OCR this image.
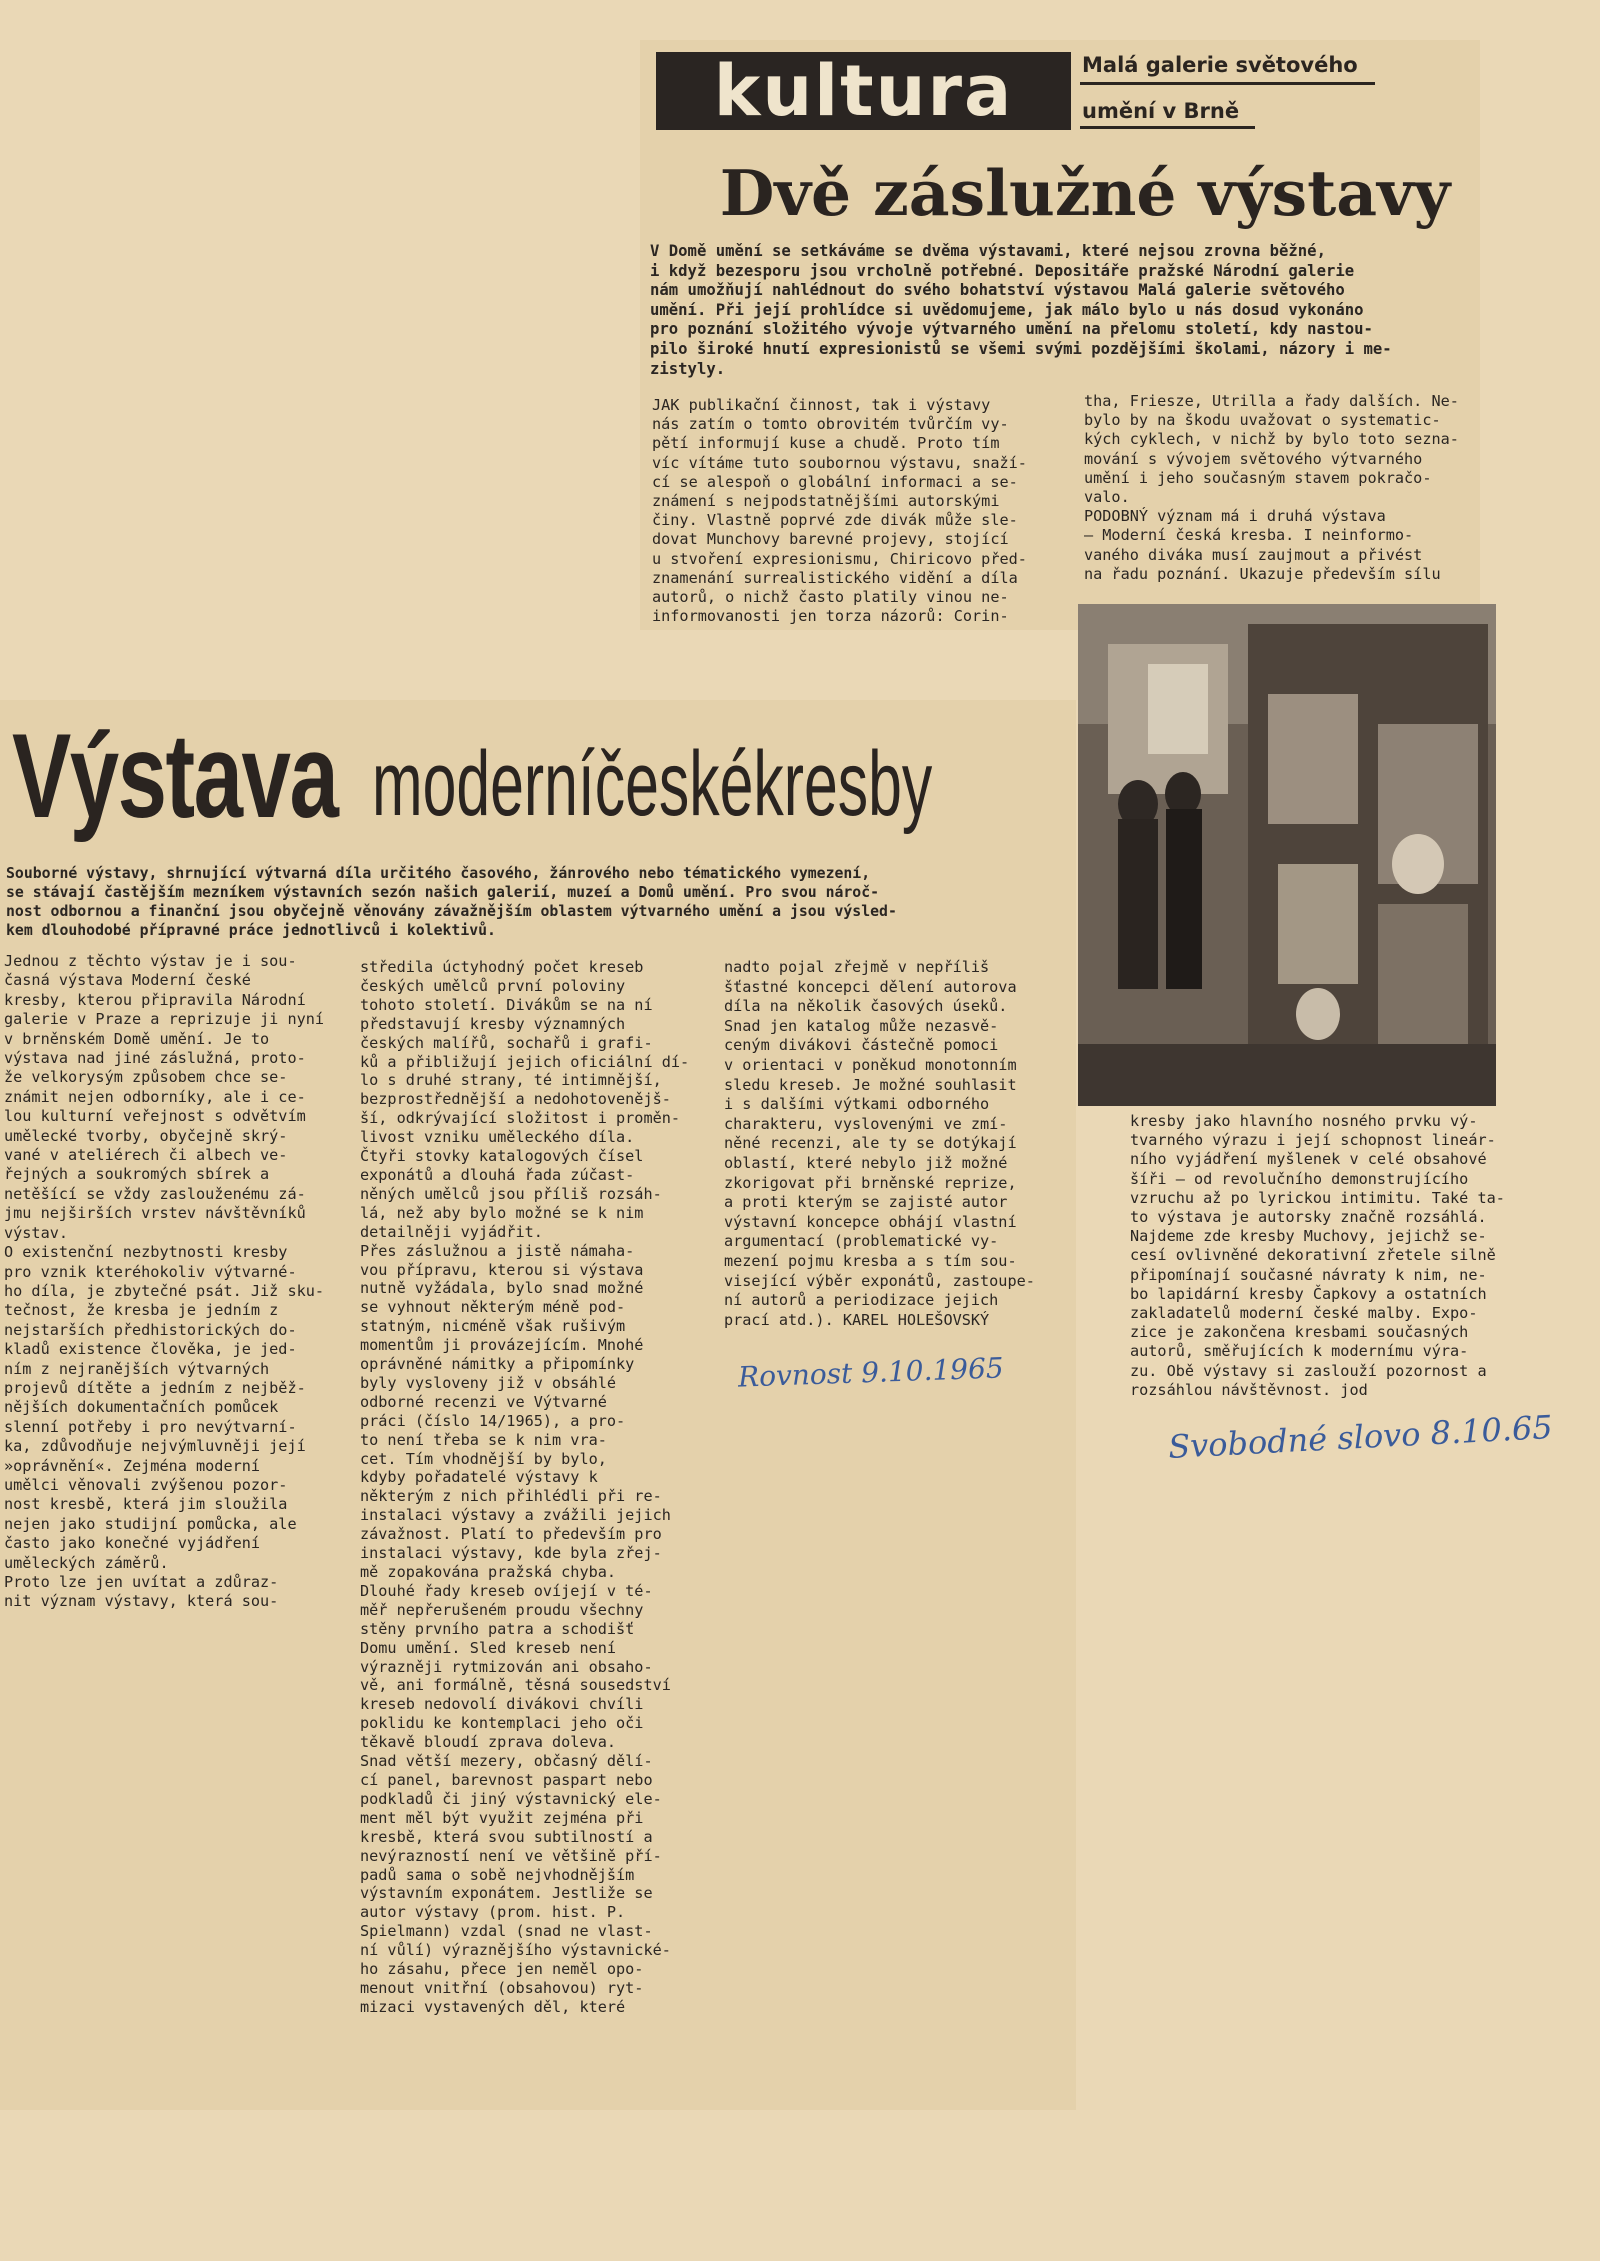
kultura	Malá galerie světového
umění v Brně
Dvě záslužné výstavy
V Domě umění se setkáváme se dvěma výstavami, které nejsou zrovna běžné,
i když bezesporu jsou vrcholně potřebné. Depositáře pražské Národní galerie
nám umožňují nahlédnout do svého bohatství výstavou Malá galerie světového
umění. Při její prohlídce si uvědomujeme, jak málo bylo u nás dosud vykonáno
pro poznání složitého vývoje výtvarného umění na přelomu století, kdy nastou-
pilo široké hnutí expresionistů se všemi svými pozdějšími školami, názory i me-
zistyly.
JAK publikační činnost, tak i výstavy
nás zatím o tomto obrovitém tvůrčím vy-
pětí informují kuse a chudě. Proto tím
víc vítáme tuto soubornou výstavu, snaží-
cí se alespoň o globální informaci a se-
známení s nejpodstatnějšími autorskými
činy. Vlastně poprvé zde divák může sle-
dovat Munchovy barevné projevy, stojící
u stvoření expresionismu, Chiricovo před-
znamenání surrealistického vidění a díla
autorů, o nichž často platily vinou ne-
informovanosti jen torza názorů: Corin-
tha, Friesze, Utrilla a řady dalších. Ne-
bylo by na škodu uvažovat o systematic-
kých cyklech, v nichž by bylo toto sezna-
mování s vývojem světového výtvarného
umění i jeho současným stavem pokračo-
valo.
PODOBNÝ význam má i druhá výstava
— Moderní česká kresba. I neinformo-
vaného diváka musí zaujmout a přivést
na řadu poznání. Ukazuje především sílu
kresby jako hlavního nosného prvku vý-
tvarného výrazu i její schopnost lineár-
ního vyjádření myšlenek v celé obsahové
šíři — od revolučního demonstrujícího
vzruchu až po lyrickou intimitu. Také ta-
to výstava je autorsky značně rozsáhlá.
Najdeme zde kresby Muchovy, jejichž se-
cesí ovlivněné dekorativní zřetele silně
připomínají současné návraty k nim, ne-
bo lapidární kresby Čapkovy a ostatních
zakladatelů moderní české malby. Expo-
zice je zakončena kresbami současných
autorů, směřujících k modernímu výra-
zu. Obě výstavy si zaslouží pozornost a
rozsáhlou návštěvnost. jod
Svobodné slovo 8.10.65
Výstava moderníčeskékresby
Souborné výstavy, shrnující výtvarná díla určitého časového, žánrového nebo tématického vymezení,
se stávají častějším mezníkem výstavních sezón našich galerií, muzeí a Domů umění. Pro svou nároč-
nost odbornou a finanční jsou obyčejně věnovány závažnějším oblastem výtvarného umění a jsou výsled-
kem dlouhodobé přípravné práce jednotlivců i kolektivů.
Jednou z těchto výstav je i sou-
časná výstava Moderní české
kresby, kterou připravila Národní
galerie v Praze a reprizuje ji nyní
v brněnském Domě umění. Je to
výstava nad jiné záslužná, proto-
že velkorysým způsobem chce se-
známit nejen odborníky, ale i ce-
lou kulturní veřejnost s odvětvím
umělecké tvorby, obyčejně skrý-
vané v ateliérech či albech ve-
řejných a soukromých sbírek a
netěšící se vždy zaslouženému zá-
jmu nejširších vrstev návštěvníků
výstav.
O existenční nezbytnosti kresby
pro vznik kteréhokoliv výtvarné-
ho díla, je zbytečné psát. Již sku-
tečnost, že kresba je jedním z
nejstarších předhistorických do-
kladů existence člověka, je jed-
ním z nejranějších výtvarných
projevů dítěte a jedním z nejběž-
nějších dokumentačních pomůcek
slenní potřeby i pro nevýtvarní-
ka, zdůvodňuje nejvýmluvněji její
»oprávnění«. Zejména moderní
umělci věnovali zvýšenou pozor-
nost kresbě, která jim sloužila
nejen jako studijní pomůcka, ale
často jako konečné vyjádření
uměleckých záměrů.
Proto lze jen uvítat a zdůraz-
nit význam výstavy, která sou-
středila úctyhodný počet kreseb
českých umělců první poloviny
tohoto století. Divákům se na ní
představují kresby významných
českých malířů, sochařů i grafi-
ků a přibližují jejich oficiální dí-
lo s druhé strany, té intimnější,
bezprostřednější a nedohotovenějš-
ší, odkrývající složitost i proměn-
livost vzniku uměleckého díla.
Čtyři stovky katalogových čísel
exponátů a dlouhá řada zúčast-
něných umělců jsou příliš rozsáh-
lá, než aby bylo možné se k nim
detailněji vyjádřit.
Přes záslužnou a jistě námaha-
vou přípravu, kterou si výstava
nutně vyžádala, bylo snad možné
se vyhnout některým méně pod-
statným, nicméně však rušivým
momentům ji provázejícím. Mnohé
oprávněné námitky a připomínky
byly vysloveny již v obsáhlé
odborné recenzi ve Výtvarné
práci (číslo 14/1965), a pro-
to není třeba se k nim vra-
cet. Tím vhodnější by bylo,
kdyby pořadatelé výstavy k
některým z nich přihlédli při re-
instalaci výstavy a zvážili jejich
závažnost. Platí to především pro
instalaci výstavy, kde byla zřej-
mě zopakována pražská chyba.
Dlouhé řady kreseb ovíjejí v té-
měř nepřerušeném proudu všechny
stěny prvního patra a schodišť
Domu umění. Sled kreseb není
výrazněji rytmizován ani obsaho-
vě, ani formálně, těsná sousedství
kreseb nedovolí divákovi chvíli
poklidu ke kontemplaci jeho oči
těkavě bloudí zprava doleva.
Snad větší mezery, občasný dělí-
cí panel, barevnost paspart nebo
podkladů či jiný výstavnický ele-
ment měl být využit zejména při
kresbě, která svou subtilností a
nevýrazností není ve většině pří-
padů sama o sobě nejvhodnějším
výstavním exponátem. Jestliže se
autor výstavy (prom. hist. P.
Spielmann) vzdal (snad ne vlast-
ní vůlí) výraznějšího výstavnické-
ho zásahu, přece jen neměl opo-
menout vnitřní (obsahovou) ryt-
mizaci vystavených děl, které
nadto pojal zřejmě v nepříliš
šťastné koncepci dělení autorova
díla na několik časových úseků.
Snad jen katalog může nezasvě-
ceným divákovi částečně pomoci
v orientaci v poněkud monotonním
sledu kreseb. Je možné souhlasit
i s dalšími výtkami odborného
charakteru, vyslovenými ve zmí-
něné recenzi, ale ty se dotýkají
oblastí, které nebylo již možné
zkorigovat při brněnské reprize,
a proti kterým se zajisté autor
výstavní koncepce obhájí vlastní
argumentací (problematické vy-
mezení pojmu kresba a s tím sou-
visející výběr exponátů, zastoupe-
ní autorů a periodizace jejich
prací atd.). KAREL HOLEŠOVSKÝ
Rovnost 9.10.1965
